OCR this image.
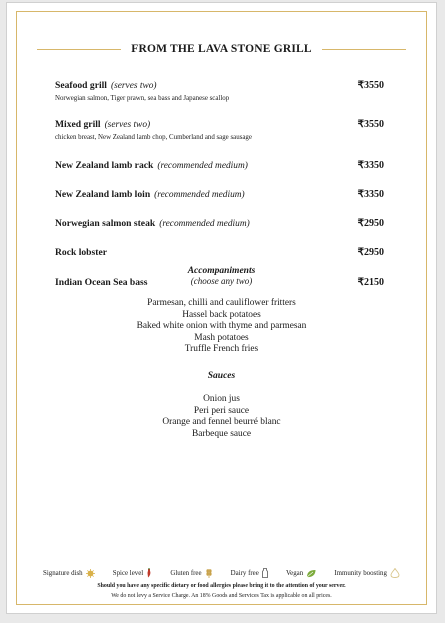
FROM THE LAVA STONE GRILL
Seafood grill (serves two)	₹3550
Norwegian salmon, Tiger prawn, sea bass and Japanese scallop
Mixed grill (serves two)	₹3550
chicken breast, New Zealand lamb chop, Cumberland and sage sausage
New Zealand lamb rack (recommended medium)	₹3350
New Zealand lamb loin (recommended medium)	₹3350
Norwegian salmon steak (recommended medium)	₹2950
Rock lobster	₹2950
Indian Ocean Sea bass	₹2150
Accompaniments
(choose any two)
Parmesan, chilli and cauliflower fritters
Hassel back potatoes
Baked white onion with thyme and parmesan
Mash potatoes
Truffle French fries
Sauces
Onion jus
Peri peri sauce
Orange and fennel beurré blanc
Barbeque sauce
Signature dish	Spice level	Gluten free	Dairy free	Vegan	Immunity boosting
Should you have any specific dietary or food allergies please bring it to the attention of your server.
We do not levy a Service Charge. An 18% Goods and Services Tax is applicable on all prices.
